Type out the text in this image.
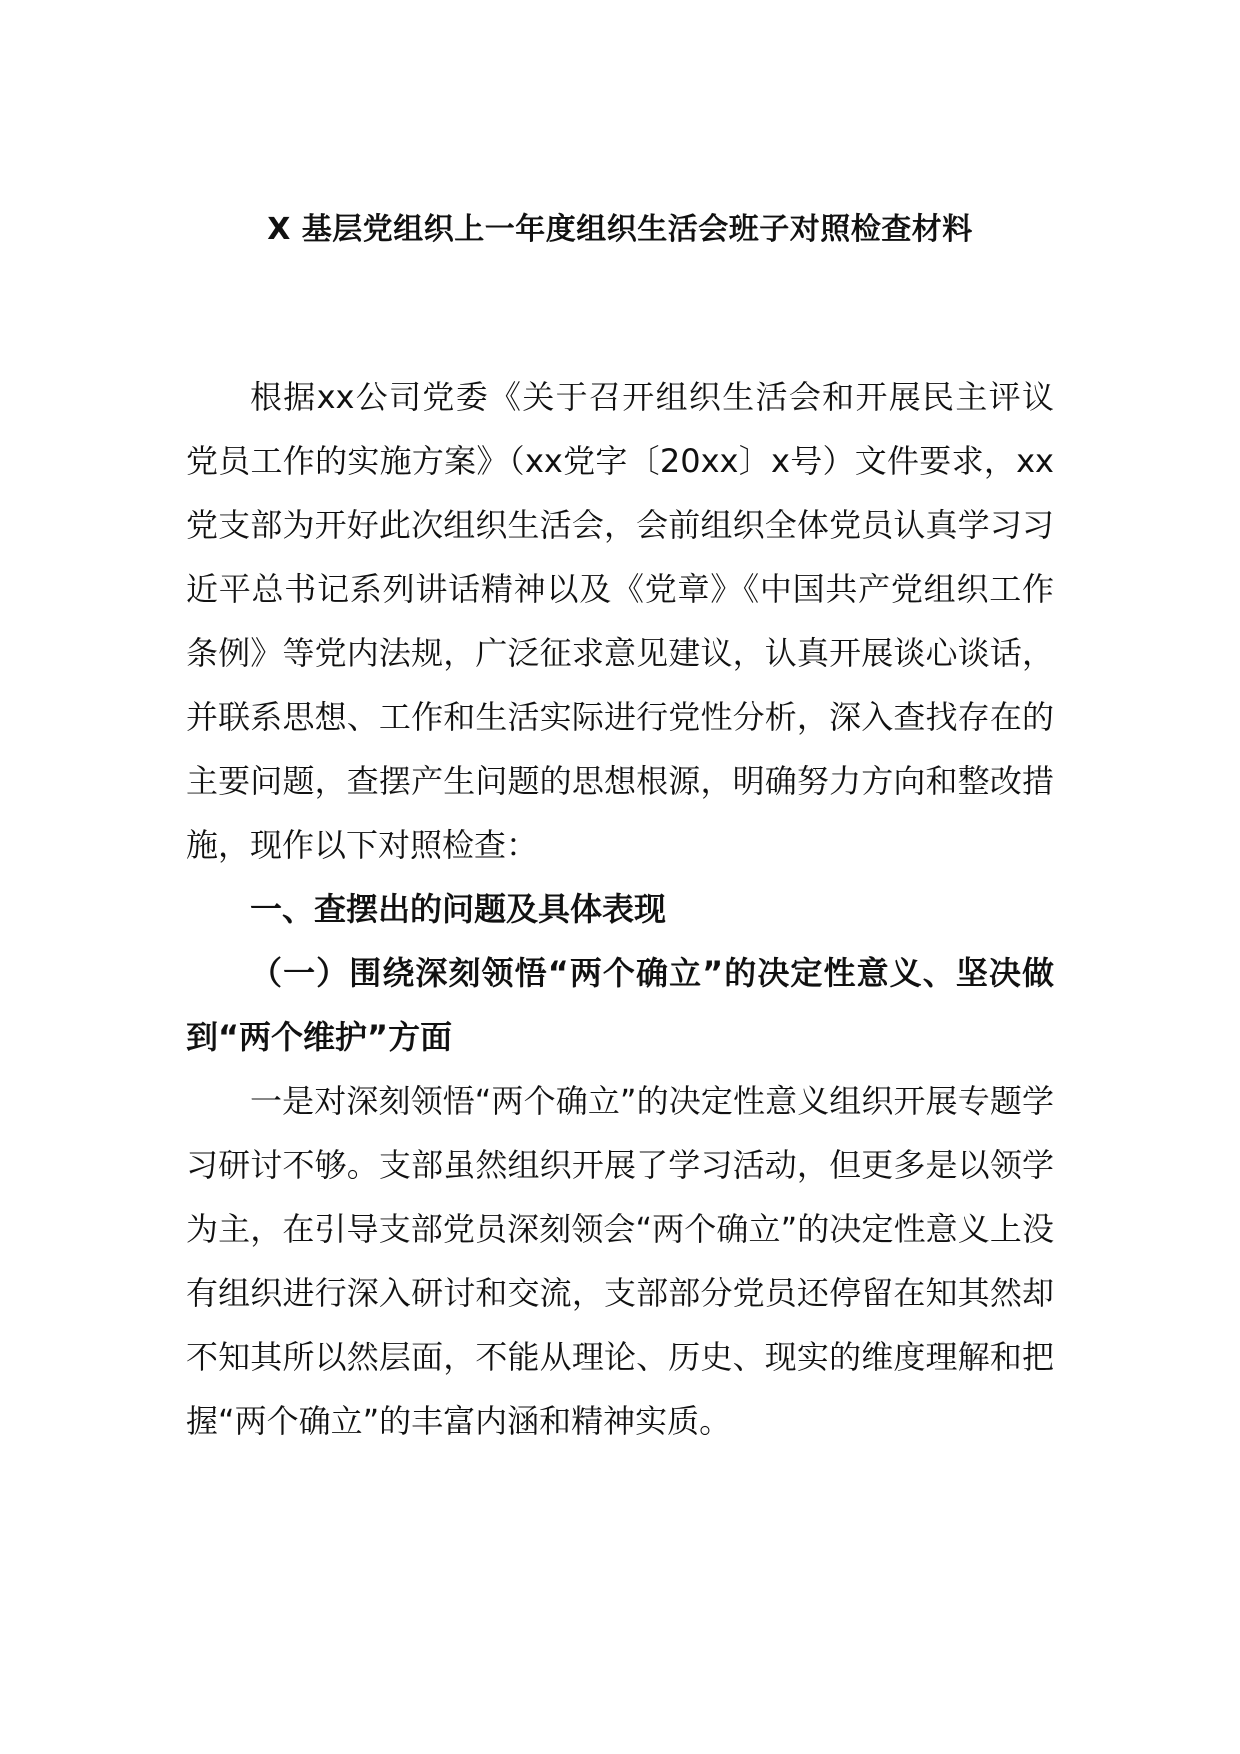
X 基层党组织上一年度组织生活会班子对照检查材料

根据xx公司党委《关于召开组织生活会和开展民主评议党员工作的实施方案》（xx党字〔20xx〕x号）文件要求，xx党支部为开好此次组织生活会，会前组织全体党员认真学习习近平总书记系列讲话精神以及《党章》《中国共产党组织工作条例》等党内法规，广泛征求意见建议，认真开展谈心谈话，并联系思想、工作和生活实际进行党性分析，深入查找存在的主要问题，查摆产生问题的思想根源，明确努力方向和整改措施，现作以下对照检查：

一、查摆出的问题及具体表现

（一）围绕深刻领悟“两个确立”的决定性意义、坚决做到“两个维护”方面

一是对深刻领悟“两个确立”的决定性意义组织开展专题学习研讨不够。支部虽然组织开展了学习活动，但更多是以领学为主，在引导支部党员深刻领会“两个确立”的决定性意义上没有组织进行深入研讨和交流，支部部分党员还停留在知其然却不知其所以然层面，不能从理论、历史、现实的维度理解和把握“两个确立”的丰富内涵和精神实质。
